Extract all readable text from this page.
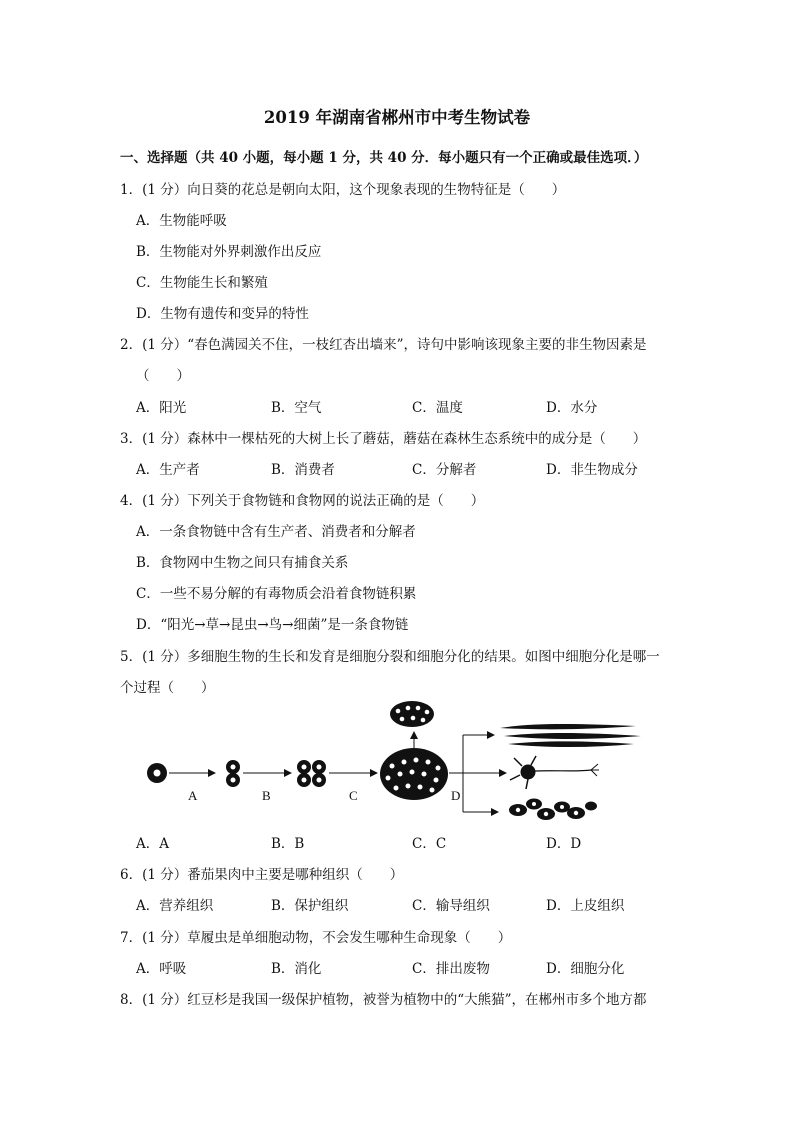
2019 年湖南省郴州市中考生物试卷
一、选择题（共 40 小题，每小题 1 分，共 40 分．每小题只有一个正确或最佳选项．）
1．(1 分）向日葵的花总是朝向太阳，这个现象表现的生物特征是（　　）
A．生物能呼吸
B．生物能对外界刺激作出反应
C．生物能生长和繁殖
D．生物有遗传和变异的特性
2．(1 分）“春色满园关不住，一枝红杏出墙来”，诗句中影响该现象主要的非生物因素是
（　　）
A．阳光	B．空气	C．温度	D．水分
3．(1 分）森林中一棵枯死的大树上长了蘑菇，蘑菇在森林生态系统中的成分是（　　）
A．生产者	B．消费者	C．分解者	D．非生物成分
4．(1 分）下列关于食物链和食物网的说法正确的是（　　）
A．一条食物链中含有生产者、消费者和分解者
B．食物网中生物之间只有捕食关系
C．一些不易分解的有毒物质会沿着食物链积累
D．“阳光→草→昆虫→鸟→细菌”是一条食物链
5．(1 分）多细胞生物的生长和发育是细胞分裂和细胞分化的结果。如图中细胞分化是哪一
个过程（　　）
A	B	C	D
A．A	B．B	C．C	D．D
6．(1 分）番茄果肉中主要是哪种组织（　　）
A．营养组织	B．保护组织	C．输导组织	D．上皮组织
7．(1 分）草履虫是单细胞动物，不会发生哪种生命现象（　　）
A．呼吸	B．消化	C．排出废物	D．细胞分化
8．(1 分）红豆杉是我国一级保护植物，被誉为植物中的“大熊猫”，在郴州市多个地方都
